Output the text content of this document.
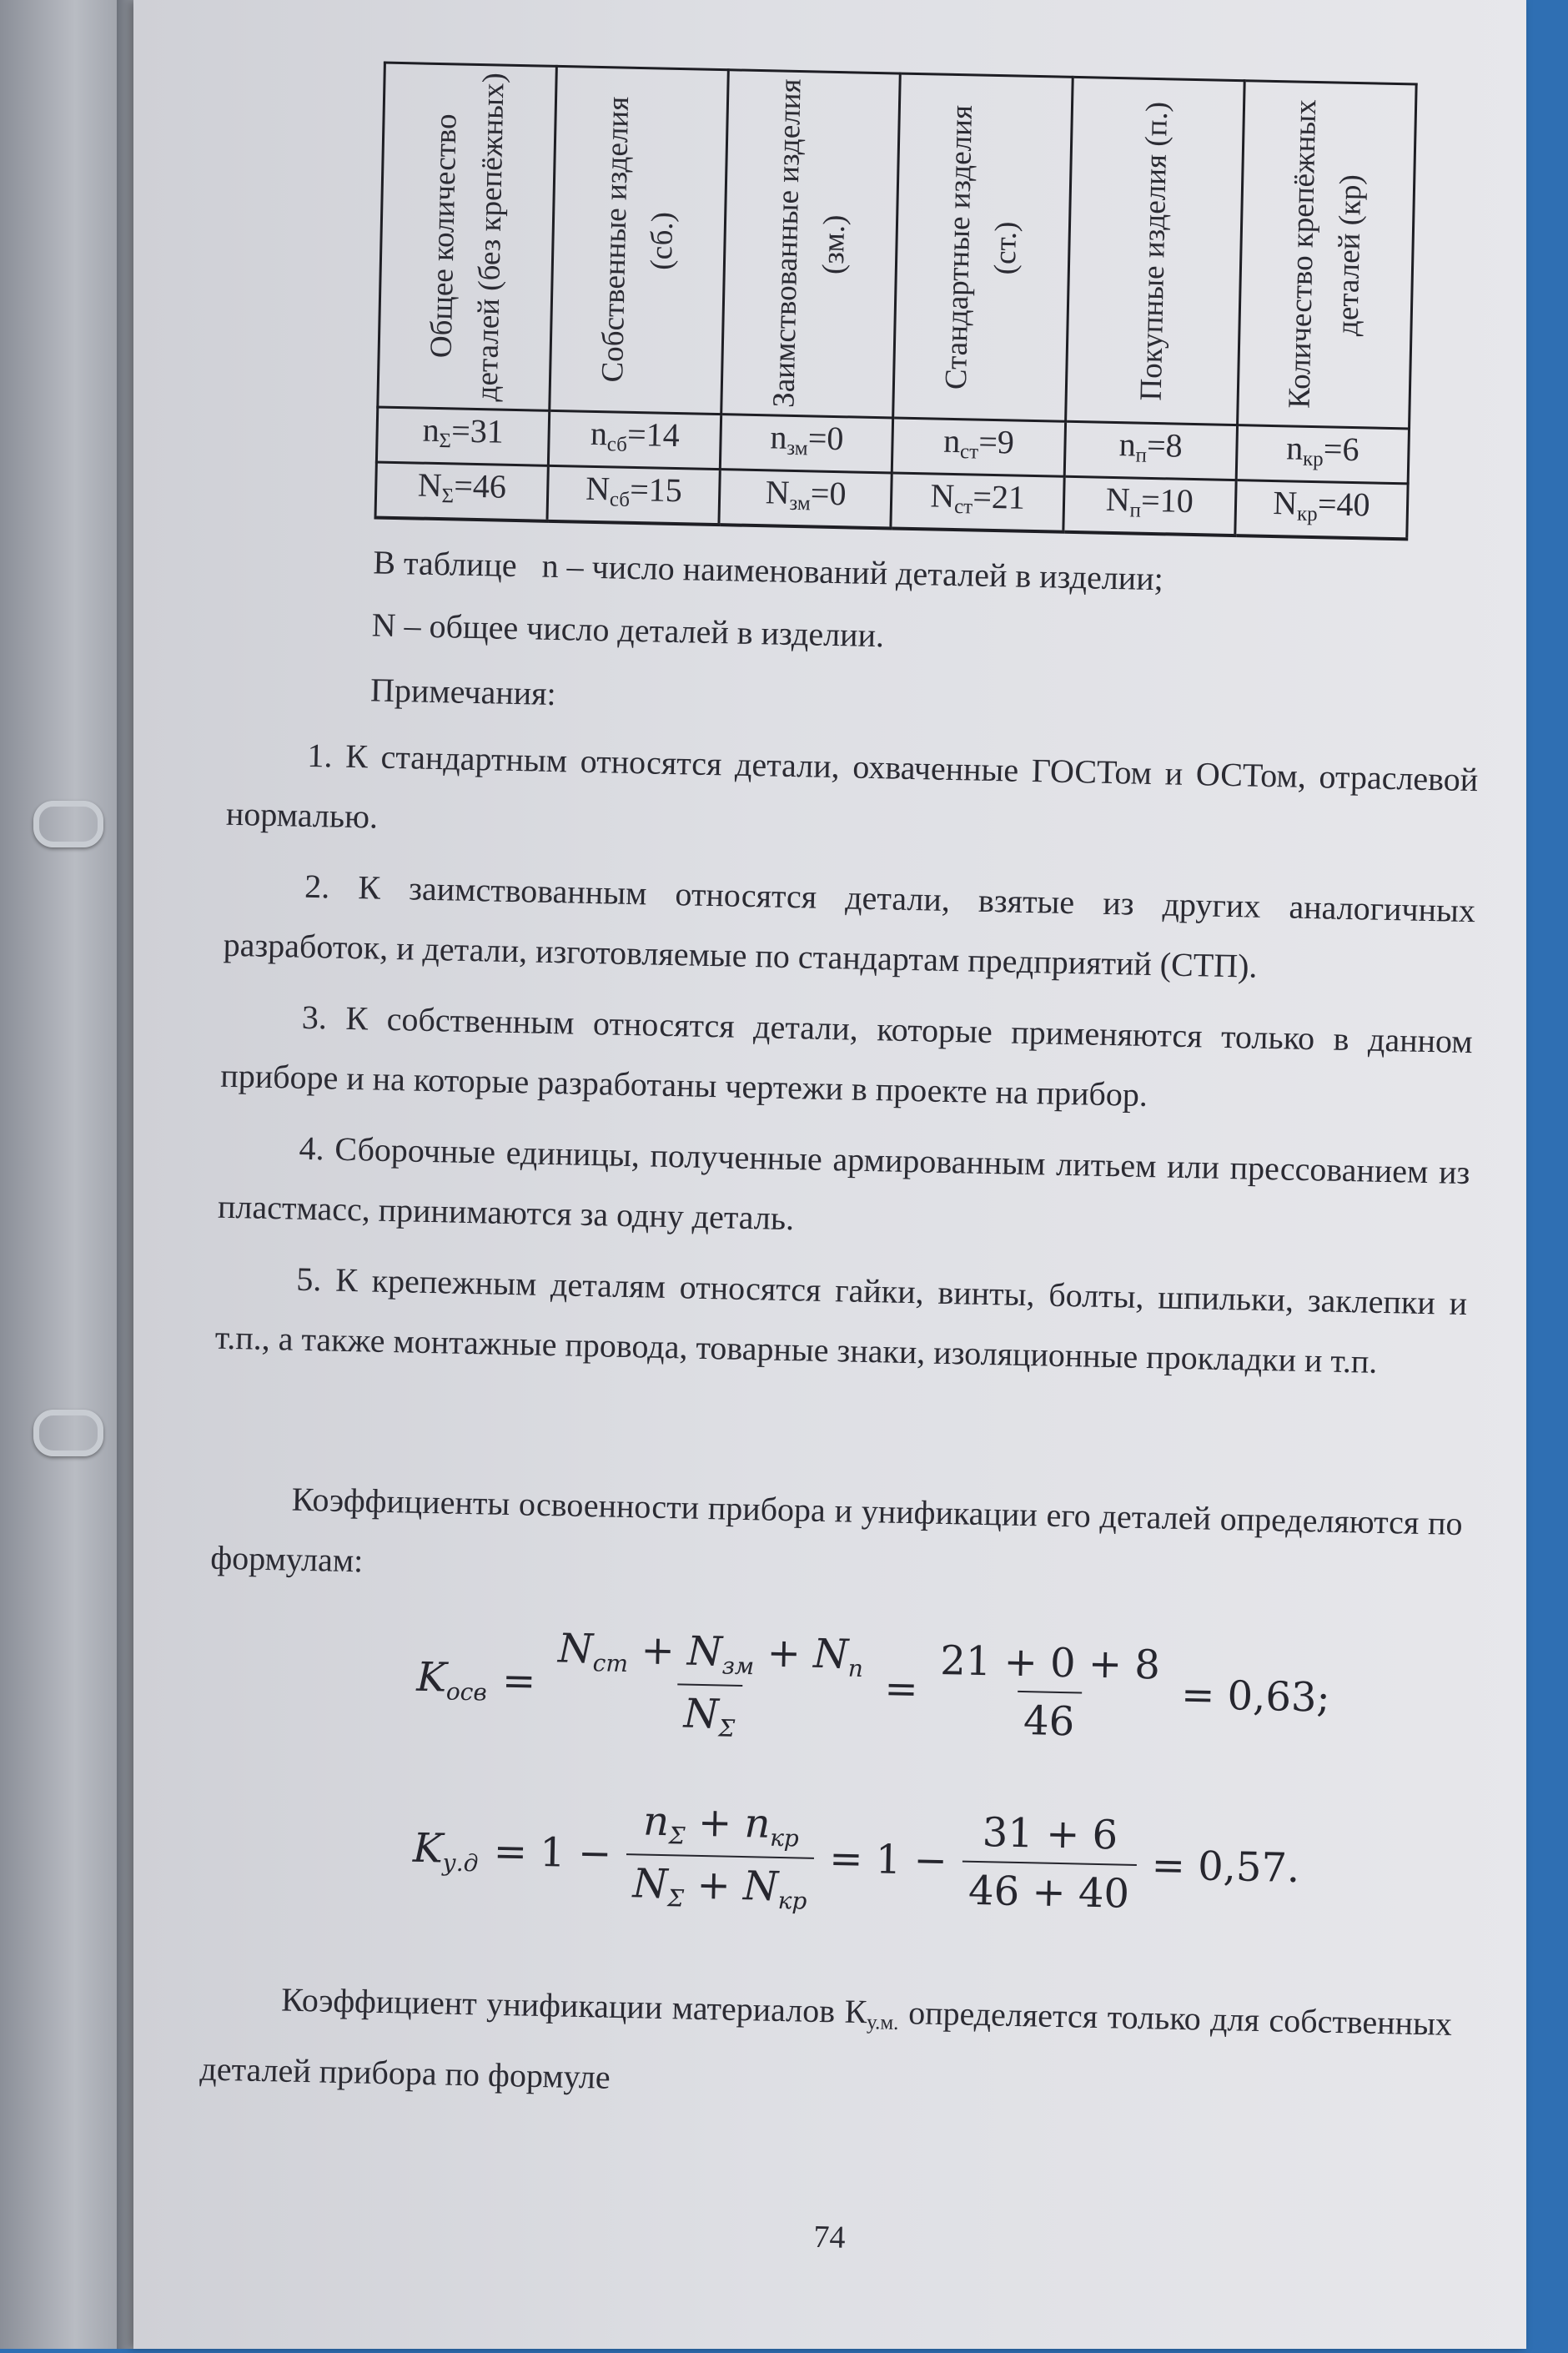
Общее количество деталей (без крепёжных)	Собственные изделия (сб.)	Заимствованные изделия (зм.)	Стандартные изделия (ст.)	Покупные изделия (п.)	Количество крепёжных деталей (кр)

$n_\Sigma=31$	$n_{сб}=14$	$n_{зм}=0$	$n_{ст}=9$	$n_п=8$	$n_{кр}=6$
$N_\Sigma=46$	$N_{сб}=15$	$N_{зм}=0$	$N_{ст}=21$	$N_п=10$	$N_{кр}=40$

В таблице   n – число наименований деталей в изделии;

N – общее число деталей в изделии.

Примечания:

1. К стандартным относятся детали, охваченные ГОСТом и ОСТом, отраслевой нормалью.

2. К заимствованным относятся детали, взятые из других аналогичных разработок, и детали, изготовляемые по стандартам предприятий (СТП).

3. К собственным относятся детали, которые применяются только в данном приборе и на которые разработаны чертежи в проекте на прибор.

4. Сборочные единицы, полученные армированным литьем или прессованием из пластмасс, принимаются за одну деталь.

5. К крепежным деталям относятся гайки, винты, болты, шпильки, заклепки и т.п., а также монтажные провода, товарные знаки, изоляционные прокладки и т.п.

Коэффициенты освоенности прибора и унификации его деталей определяются по формулам:

$K_{осв} = \frac{N_{ст} + N_{зм} + N_п}{N_\Sigma} = \frac{21 + 0 + 8}{46} = 0,63$;
$K_{у.д} = 1 - \frac{n_\Sigma + n_{кр}}{N_\Sigma + N_{кр}} = 1 - \frac{31 + 6}{46 + 40} = 0,57$.

Коэффициент унификации материалов $К_{у.м.}$ определяется только для собственных деталей прибора по формуле

74
